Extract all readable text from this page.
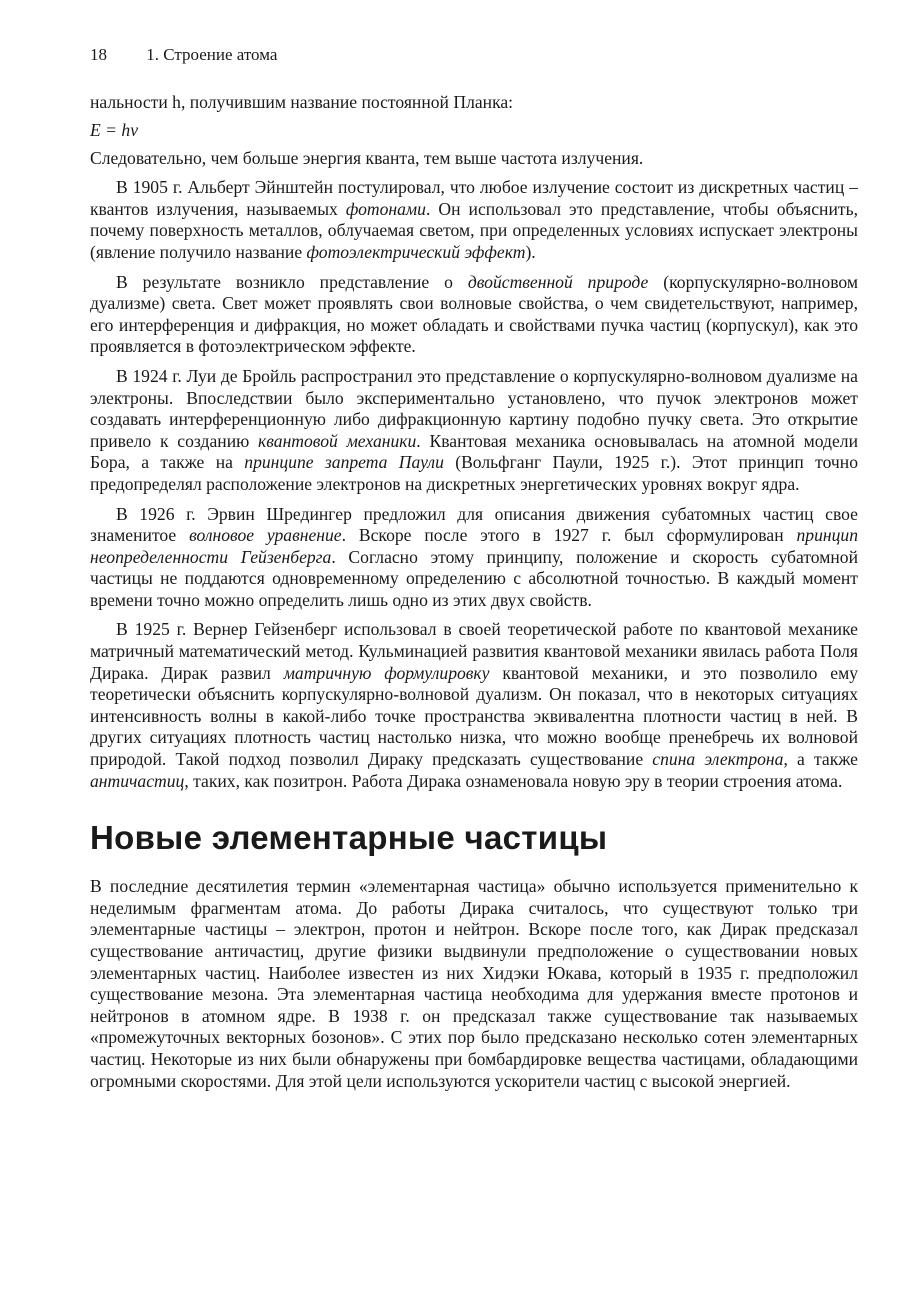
18 1. Строение атома

нальности h, получившим название постоянной Планка:

E = hv

Следовательно, чем больше энергия кванта, тем выше частота излучения.

В 1905 г. Альберт Эйнштейн постулировал, что любое излучение состоит из дискретных частиц – квантов излучения, называемых фотонами. Он использовал это представление, чтобы объяснить, почему поверхность металлов, облучаемая светом, при определенных условиях испускает электроны (явление получило название фотоэлектрический эффект).

В результате возникло представление о двойственной природе (корпускулярно-волновом дуализме) света. Свет может проявлять свои волновые свойства, о чем свидетельствуют, например, его интерференция и дифракция, но может обладать и свойствами пучка частиц (корпускул), как это проявляется в фотоэлектрическом эффекте.

В 1924 г. Луи де Бройль распространил это представление о корпускулярно-волновом дуализме на электроны. Впоследствии было экспериментально установлено, что пучок электронов может создавать интерференционную либо дифракционную картину подобно пучку света. Это открытие привело к созданию квантовой механики. Квантовая механика основывалась на атомной модели Бора, а также на принципе запрета Паули (Вольфганг Паули, 1925 г.). Этот принцип точно предопределял расположение электронов на дискретных энергетических уровнях вокруг ядра.

В 1926 г. Эрвин Шредингер предложил для описания движения субатомных частиц свое знаменитое волновое уравнение. Вскоре после этого в 1927 г. был сформулирован принцип неопределенности Гейзенберга. Согласно этому принципу, положение и скорость субатомной частицы не поддаются одновременному определению с абсолютной точностью. В каждый момент времени точно можно определить лишь одно из этих двух свойств.

В 1925 г. Вернер Гейзенберг использовал в своей теоретической работе по квантовой механике матричный математический метод. Кульминацией развития квантовой механики явилась работа Поля Дирака. Дирак развил матричную формулировку квантовой механики, и это позволило ему теоретически объяснить корпускулярно-волновой дуализм. Он показал, что в некоторых ситуациях интенсивность волны в какой-либо точке пространства эквивалентна плотности частиц в ней. В других ситуациях плотность частиц настолько низка, что можно вообще пренебречь их волновой природой. Такой подход позволил Дираку предсказать существование спина электрона, а также античастиц, таких, как позитрон. Работа Дирака ознаменовала новую эру в теории строения атома.

Новые элементарные частицы

В последние десятилетия термин «элементарная частица» обычно используется применительно к неделимым фрагментам атома. До работы Дирака считалось, что существуют только три элементарные частицы – электрон, протон и нейтрон. Вскоре после того, как Дирак предсказал существование античастиц, другие физики выдвинули предположение о существовании новых элементарных частиц. Наиболее известен из них Хидэки Юкава, который в 1935 г. предположил существование мезона. Эта элементарная частица необходима для удержания вместе протонов и нейтронов в атомном ядре. В 1938 г. он предсказал также существование так называемых «промежуточных векторных бозонов». С этих пор было предсказано несколько сотен элементарных частиц. Некоторые из них были обнаружены при бомбардировке вещества частицами, обладающими огромными скоростями. Для этой цели используются ускорители частиц с высокой энергией.
